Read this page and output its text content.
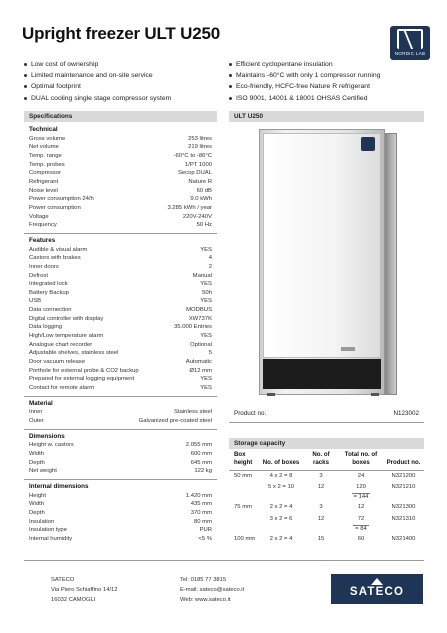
Upright freezer ULT U250
NORDIC LAB
Low cost of ownership
Limited maintenance and on-site service
Optimal footprint
DUAL cooling single stage compressor system
Efficient cyclopentane insulation
Maintains -60°C with only 1 compressor running
Eco-friendly, HCFC-free Nature R refrigerant
ISO 9001, 14001 & 18001 OHSAS Certified
Specifications
Technical
Gross volume	253 litres
Net volume	219 litres
Temp. range	-60°C to -86°C
Temp. probes	1/PT 1000
Compressor	Secop DUAL
Refrigerant	Nature R
Noise level	60 dB
Power consumption 24/h	9.0 kWh
Power consumption	3.285 kWh / year
Voltage	220V-240V
Frequency	50 Hz
Features
Audible & visual alarm	YES
Castors with brakes	4
Inner doors	2
Defrost	Manual
Integrated lock	YES
Battery Backup	50h
USB	YES
Data connection	MODBUS
Digital controller with display	XW737K
Data logging	35.000 Entries
High/Low temperature alarm	YES
Analogue chart recorder	Optional
Adjustable shelves, stainless steel	5
Door vacuum release	Automatic
Porthole for external probe & CO2 backup	Ø12 mm
Prepared for external logging equipment	YES
Contact for remote alarm	YES
Material
Inner	Stainless steel
Outer	Galvanized pre-coated steel
Dimensions
Height w. castors	2.055 mm
Width	600 mm
Depth	645 mm
Net weight	122 kg
Internal dimensions
Height	1.420 mm
Width	435 mm
Depth	370 mm
Insulation	80 mm
Insulation type	PUR
Internal humidity	<5 %
ULT U250
Product no.	N123002
Storage capacity
Box height	No. of boxes	No. of racks	Total no. of boxes	Product no.
50 mm	4 x 2 = 8	3	24	N321200
	5 x 2 = 10	12	120	N321210
			= 144	
75 mm	2 x 2 = 4	3	12	N321300
	3 x 2 = 6	12	72	N321310
			= 84	
100 mm	2 x 2 = 4	15	60	N321400
SATECO
Via Piero Schiaffino 14/12
16032 CAMOGLI
Tel: 0185 77 3815
E-mail: sateco@sateco.it
Web: www.sateco.it
SATECO
